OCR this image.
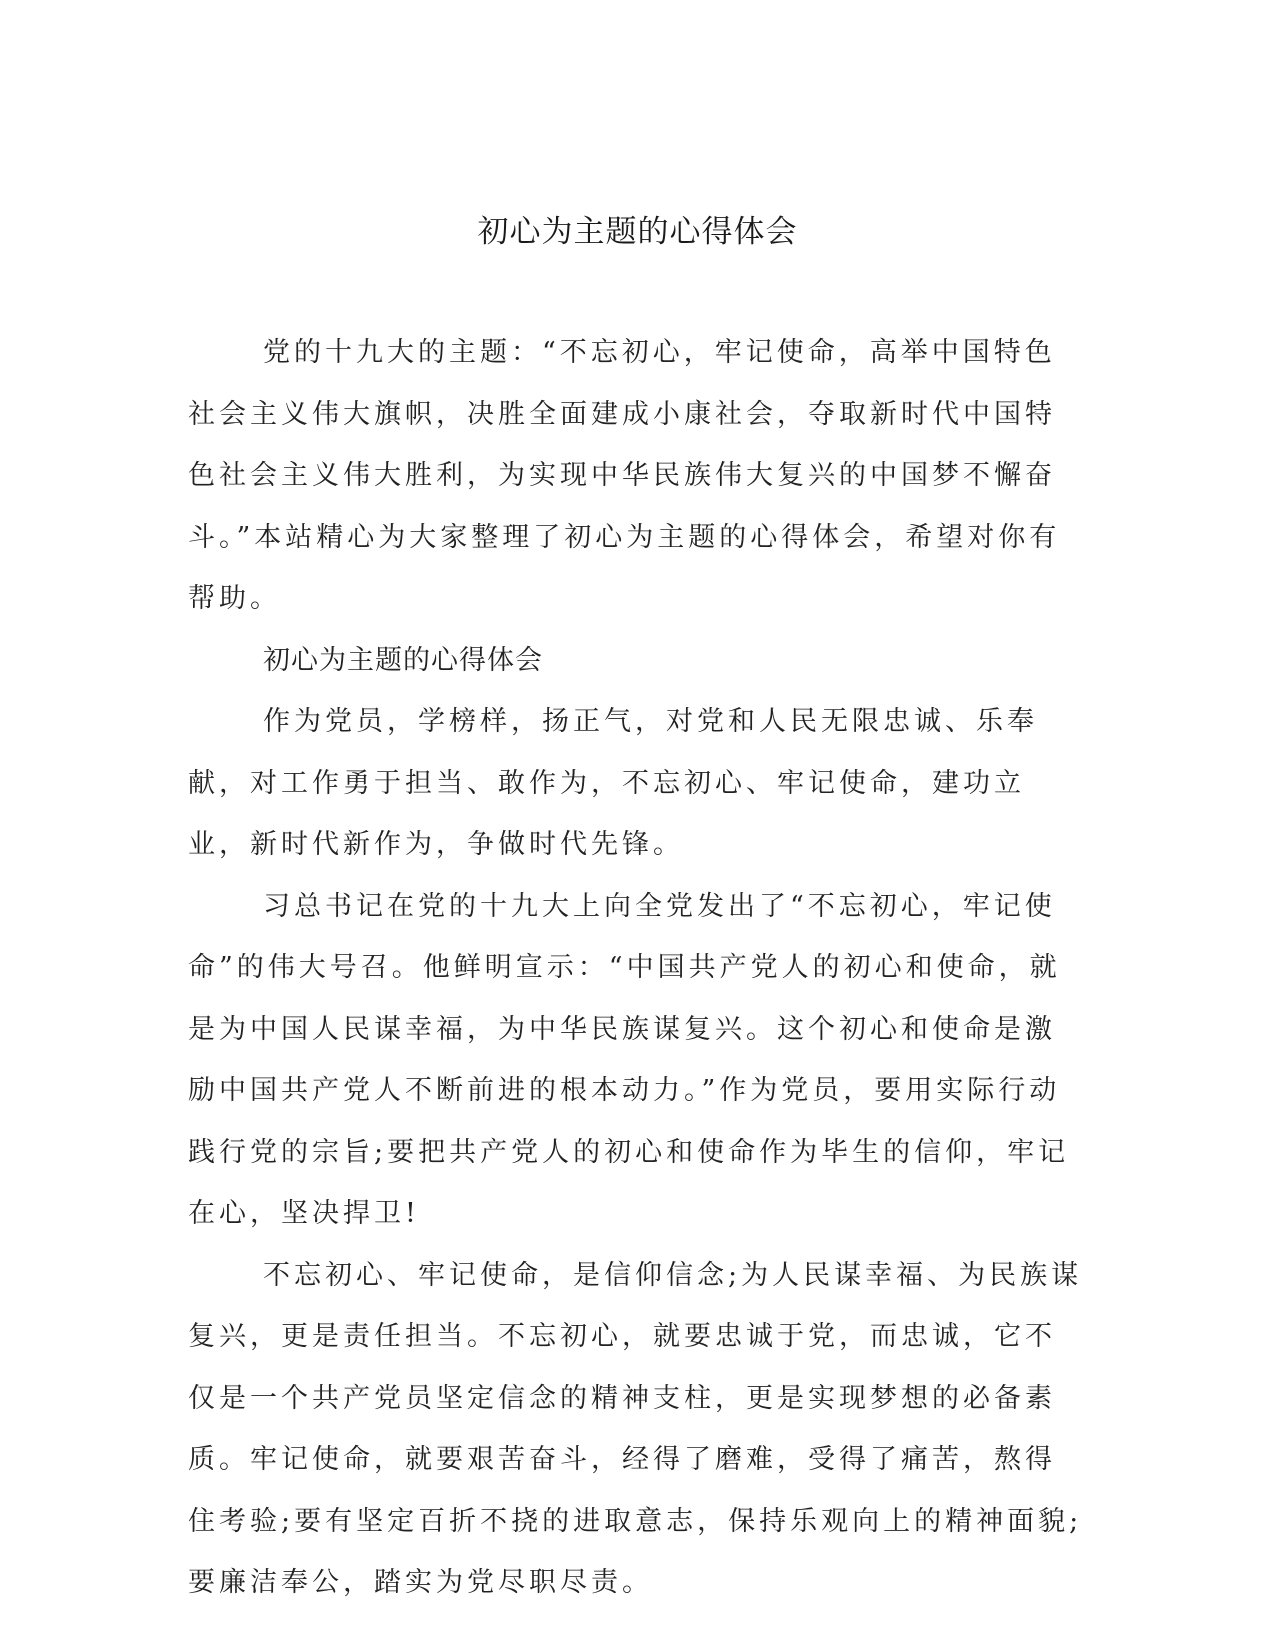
初心为主题的心得体会

党的十九大的主题：“不忘初心，牢记使命，高举中国特色社会主义伟大旗帜，决胜全面建成小康社会，夺取新时代中国特色社会主义伟大胜利，为实现中华民族伟大复兴的中国梦不懈奋斗。”本站精心为大家整理了初心为主题的心得体会，希望对你有帮助。

初心为主题的心得体会

作为党员，学榜样，扬正气，对党和人民无限忠诚、乐奉献，对工作勇于担当、敢作为，不忘初心、牢记使命，建功立业，新时代新作为，争做时代先锋。

习总书记在党的十九大上向全党发出了“不忘初心，牢记使命”的伟大号召。他鲜明宣示：“中国共产党人的初心和使命，就是为中国人民谋幸福，为中华民族谋复兴。这个初心和使命是激励中国共产党人不断前进的根本动力。”作为党员，要用实际行动践行党的宗旨;要把共产党人的初心和使命作为毕生的信仰，牢记在心，坚决捍卫!

不忘初心、牢记使命，是信仰信念;为人民谋幸福、为民族谋复兴，更是责任担当。不忘初心，就要忠诚于党，而忠诚，它不仅是一个共产党员坚定信念的精神支柱，更是实现梦想的必备素质。牢记使命，就要艰苦奋斗，经得了磨难，受得了痛苦，熬得住考验;要有坚定百折不挠的进取意志，保持乐观向上的精神面貌;要廉洁奉公，踏实为党尽职尽责。
